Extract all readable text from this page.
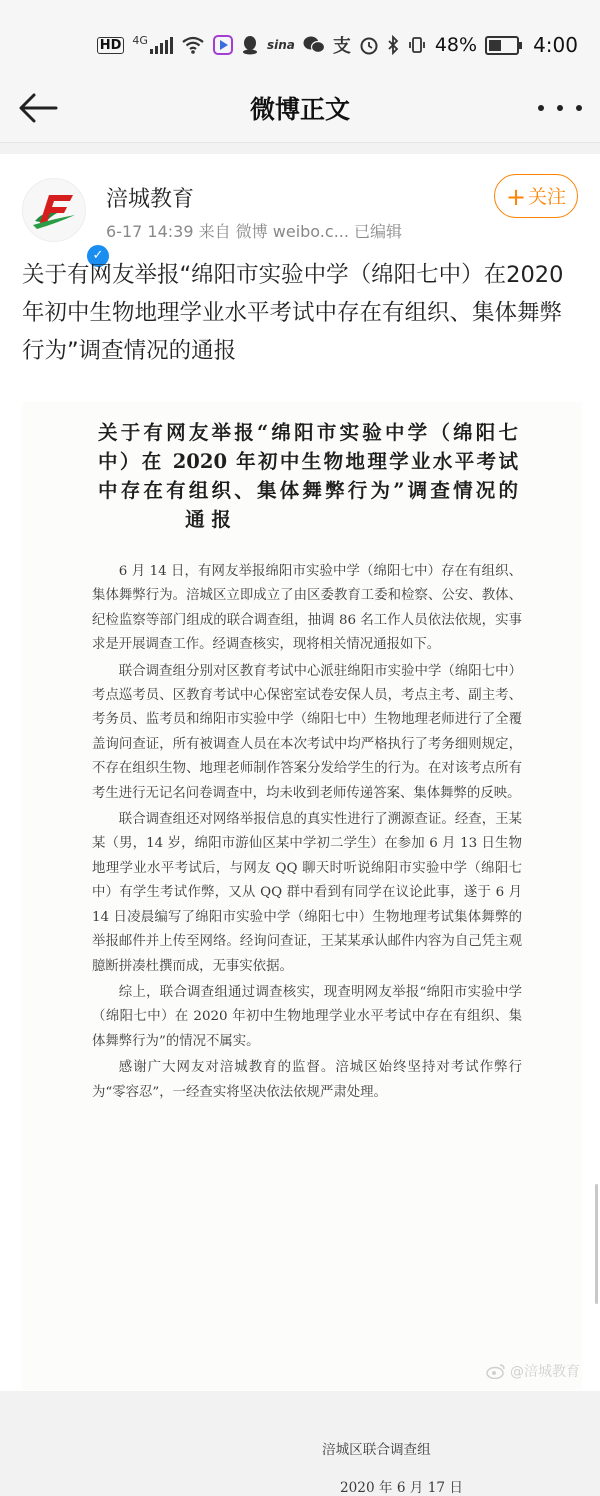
HD 4G	sina 支	48%	4:00
微博正文
✓
涪城教育
6-17 14:39 来自 微博 weibo.c... 已编辑
+ 关注
关于有网友举报“绵阳市实验中学（绵阳七中）在2020年初中生物地理学业水平考试中存在有组织、集体舞弊行为”调查情况的通报
关于有网友举报“绵阳市实验中学（绵阳七
中）在 2020 年初中生物地理学业水平考试
中存在有组织、集体舞弊行为”调查情况的
通 报

6 月 14 日，有网友举报绵阳市实验中学（绵阳七中）存在有组织、集体舞弊行为。涪城区立即成立了由区委教育工委和检察、公安、教体、纪检监察等部门组成的联合调查组，抽调 86 名工作人员依法依规，实事求是开展调查工作。经调查核实，现将相关情况通报如下。

联合调查组分别对区教育考试中心派驻绵阳市实验中学（绵阳七中）考点巡考员、区教育考试中心保密室试卷安保人员，考点主考、副主考、考务员、监考员和绵阳市实验中学（绵阳七中）生物地理老师进行了全覆盖询问查证，所有被调查人员在本次考试中均严格执行了考务细则规定，不存在组织生物、地理老师制作答案分发给学生的行为。在对该考点所有考生进行无记名问卷调查中，均未收到老师传递答案、集体舞弊的反映。

联合调查组还对网络举报信息的真实性进行了溯源查证。经查，王某某（男，14 岁，绵阳市游仙区某中学初二学生）在参加 6 月 13 日生物地理学业水平考试后，与网友 QQ 聊天时听说绵阳市实验中学（绵阳七中）有学生考试作弊，又从 QQ 群中看到有同学在议论此事，遂于 6 月 14 日凌晨编写了绵阳市实验中学（绵阳七中）生物地理考试集体舞弊的举报邮件并上传至网络。经询问查证，王某某承认邮件内容为自己凭主观臆断拼凑杜撰而成，无事实依据。

综上，联合调查组通过调查核实，现查明网友举报“绵阳市实验中学（绵阳七中）在 2020 年初中生物地理学业水平考试中存在有组织、集体舞弊行为”的情况不属实。

感谢广大网友对涪城教育的监督。涪城区始终坚持对考试作弊行为“零容忍”，一经查实将坚决依法依规严肃处理。

涪城区联合调查组
2020 年 6 月 17 日
@涪城教育
